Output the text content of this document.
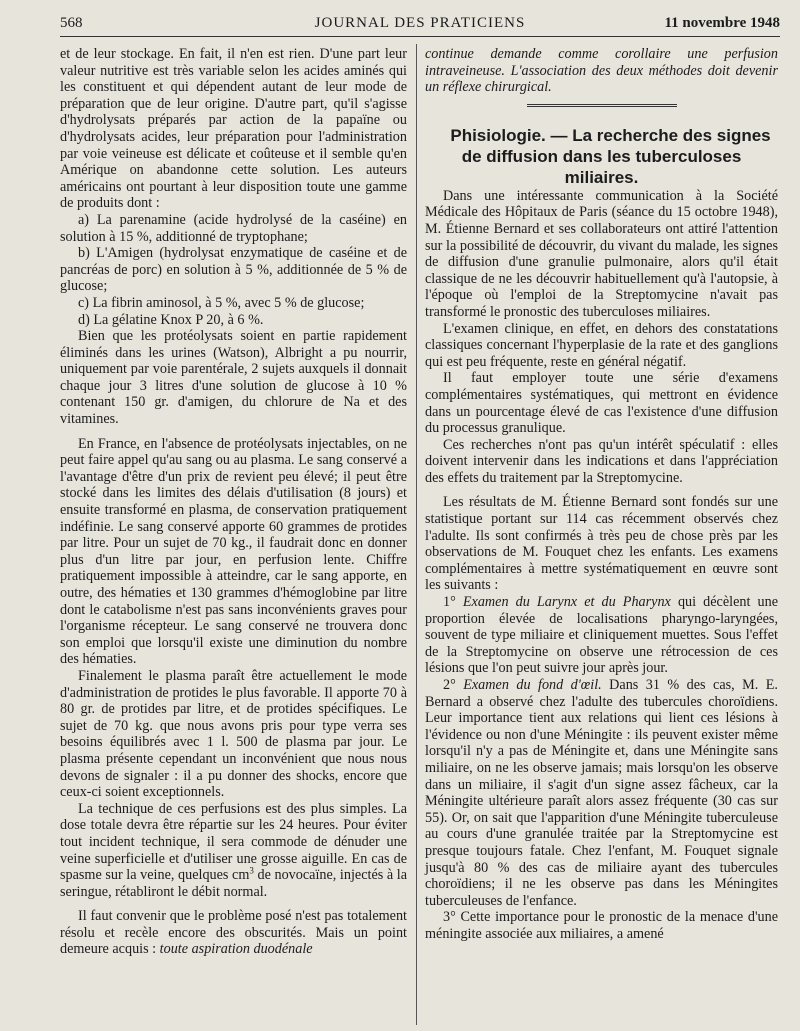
568	JOURNAL DES PRATICIENS	11 novembre 1948

et de leur stockage. En fait, il n'en est rien. D'une part leur valeur nutritive est très variable selon les acides aminés qui les constituent et qui dépendent autant de leur mode de préparation que de leur origine. D'autre part, qu'il s'agisse d'hydrolysats préparés par action de la papaïne ou d'hydrolysats acides, leur préparation pour l'administration par voie veineuse est délicate et coûteuse et il semble qu'en Amérique on abandonne cette solution. Les auteurs américains ont pourtant à leur disposition toute une gamme de produits dont :

a) La parenamine (acide hydrolysé de la caséine) en solution à 15 %, additionné de tryptophane;

b) L'Amigen (hydrolysat enzymatique de caséine et de pancréas de porc) en solution à 5 %, additionnée de 5 % de glucose;

c) La fibrin aminosol, à 5 %, avec 5 % de glucose;

d) La gélatine Knox P 20, à 6 %.

Bien que les protéolysats soient en partie rapidement éliminés dans les urines (Watson), Albright a pu nourrir, uniquement par voie parentérale, 2 sujets auxquels il donnait chaque jour 3 litres d'une solution de glucose à 10 % contenant 150 gr. d'amigen, du chlorure de Na et des vitamines.

En France, en l'absence de protéolysats injectables, on ne peut faire appel qu'au sang ou au plasma. Le sang conservé a l'avantage d'être d'un prix de revient peu élevé; il peut être stocké dans les limites des délais d'utilisation (8 jours) et ensuite transformé en plasma, de conservation pratiquement indéfinie. Le sang conservé apporte 60 grammes de protides par litre. Pour un sujet de 70 kg., il faudrait donc en donner plus d'un litre par jour, en perfusion lente. Chiffre pratiquement impossible à atteindre, car le sang apporte, en outre, des hématies et 130 grammes d'hémoglobine par litre dont le catabolisme n'est pas sans inconvénients graves pour l'organisme récepteur. Le sang conservé ne trouvera donc son emploi que lorsqu'il existe une diminution du nombre des hématies.

Finalement le plasma paraît être actuellement le mode d'administration de protides le plus favorable. Il apporte 70 à 80 gr. de protides par litre, et de protides spécifiques. Le sujet de 70 kg. que nous avons pris pour type verra ses besoins équilibrés avec 1 l. 500 de plasma par jour. Le plasma présente cependant un inconvénient que nous nous devons de signaler : il a pu donner des shocks, encore que ceux-ci soient exceptionnels.

La technique de ces perfusions est des plus simples. La dose totale devra être répartie sur les 24 heures. Pour éviter tout incident technique, il sera commode de dénuder une veine superficielle et d'utiliser une grosse aiguille. En cas de spasme sur la veine, quelques $cm^3$ de novocaïne, injectés à la seringue, rétabliront le débit normal.

Il faut convenir que le problème posé n'est pas totalement résolu et recèle encore des obscurités. Mais un point demeure acquis : toute aspiration duodénale

continue demande comme corollaire une perfusion intraveineuse. L'association des deux méthodes doit devenir un réflexe chirurgical.

Phisiologie. — La recherche des signes de diffusion dans les tuberculoses miliaires.

Dans une intéressante communication à la Société Médicale des Hôpitaux de Paris (séance du 15 octobre 1948), M. Étienne Bernard et ses collaborateurs ont attiré l'attention sur la possibilité de découvrir, du vivant du malade, les signes de diffusion d'une granulie pulmonaire, alors qu'il était classique de ne les découvrir habituellement qu'à l'autopsie, à l'époque où l'emploi de la Streptomycine n'avait pas transformé le pronostic des tuberculoses miliaires.

L'examen clinique, en effet, en dehors des constatations classiques concernant l'hyperplasie de la rate et des ganglions qui est peu fréquente, reste en général négatif.

Il faut employer toute une série d'examens complémentaires systématiques, qui mettront en évidence dans un pourcentage élevé de cas l'existence d'une diffusion du processus granulique.

Ces recherches n'ont pas qu'un intérêt spéculatif : elles doivent intervenir dans les indications et dans l'appréciation des effets du traitement par la Streptomycine.

Les résultats de M. Étienne Bernard sont fondés sur une statistique portant sur 114 cas récemment observés chez l'adulte. Ils sont confirmés à très peu de chose près par les observations de M. Fouquet chez les enfants. Les examens complémentaires à mettre systématiquement en œuvre sont les suivants :

1° Examen du Larynx et du Pharynx qui décèlent une proportion élevée de localisations pharyngo-laryngées, souvent de type miliaire et cliniquement muettes. Sous l'effet de la Streptomycine on observe une rétrocession de ces lésions que l'on peut suivre jour après jour.

2° Examen du fond d'œil. Dans 31 % des cas, M. E. Bernard a observé chez l'adulte des tubercules choroïdiens. Leur importance tient aux relations qui lient ces lésions à l'évidence ou non d'une Méningite : ils peuvent exister même lorsqu'il n'y a pas de Méningite et, dans une Méningite sans miliaire, on ne les observe jamais; mais lorsqu'on les observe dans un miliaire, il s'agit d'un signe assez fâcheux, car la Méningite ultérieure paraît alors assez fréquente (30 cas sur 55). Or, on sait que l'apparition d'une Méningite tuberculeuse au cours d'une granulée traitée par la Streptomycine est presque toujours fatale. Chez l'enfant, M. Fouquet signale jusqu'à 80 % des cas de miliaire ayant des tubercules choroïdiens; il ne les observe pas dans les Méningites tuberculeuses de l'enfance.

3° Cette importance pour le pronostic de la menace d'une méningite associée aux miliaires, a amené
